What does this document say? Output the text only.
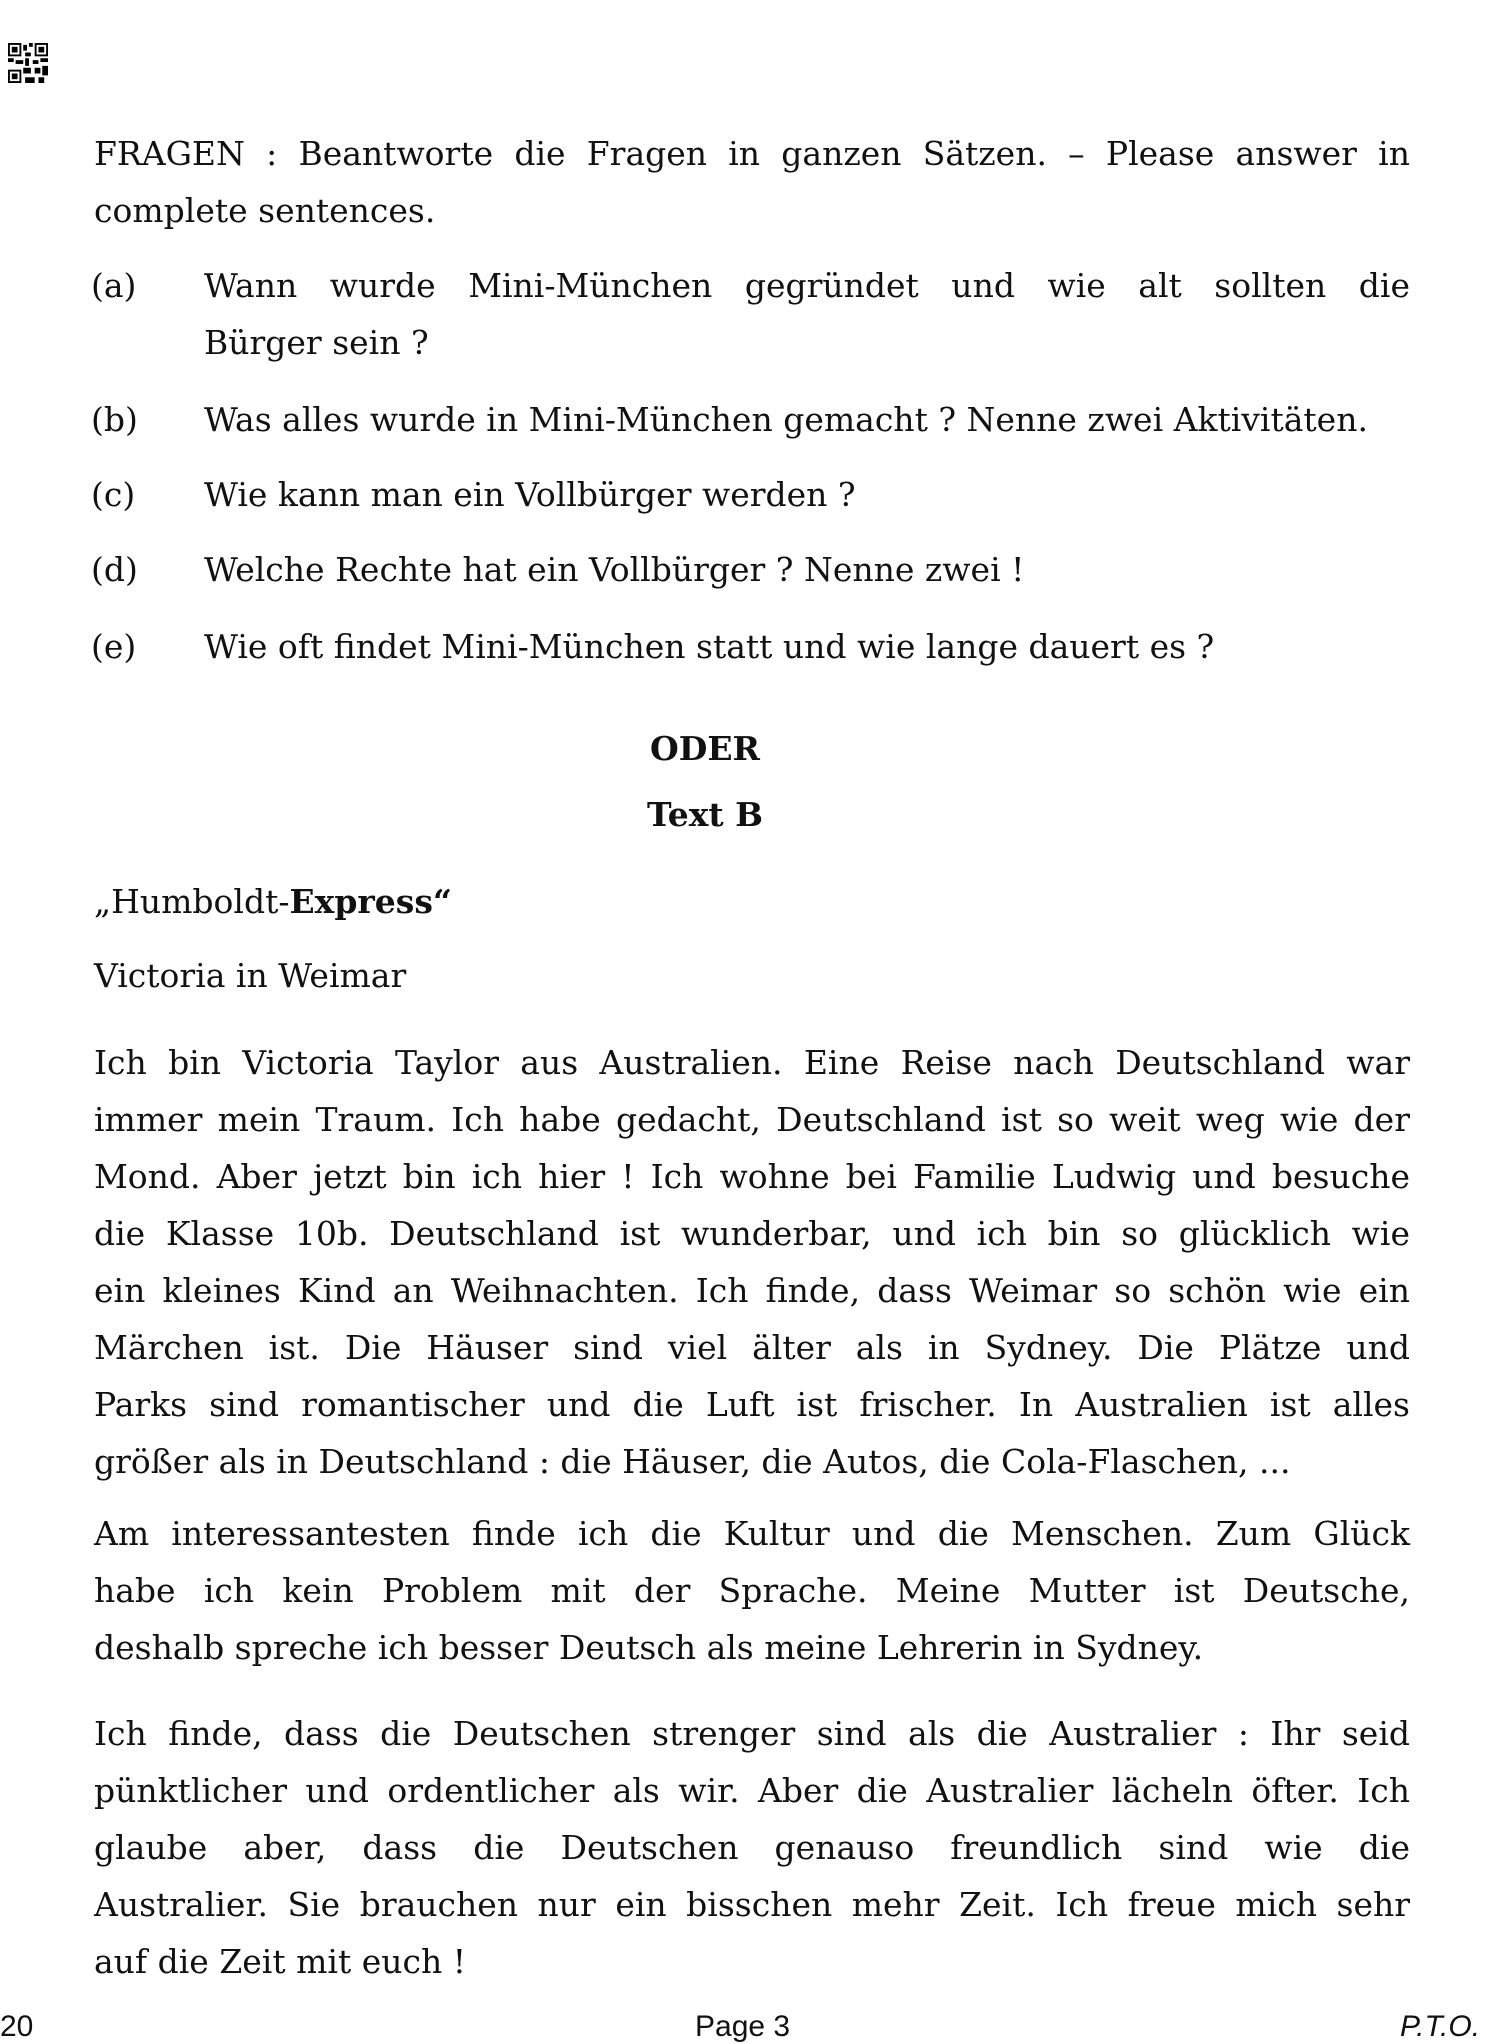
FRAGEN : Beantworte die Fragen in ganzen Sätzen. – Please answer in
complete sentences.
(a) Wann wurde Mini-München gegründet und wie alt sollten die
Bürger sein ?
(b) Was alles wurde in Mini-München gemacht ? Nenne zwei Aktivitäten.
(c) Wie kann man ein Vollbürger werden ?
(d) Welche Rechte hat ein Vollbürger ? Nenne zwei !
(e) Wie oft findet Mini-München statt und wie lange dauert es ?
ODER
Text B
„Humboldt-Express“
Victoria in Weimar
Ich bin Victoria Taylor aus Australien. Eine Reise nach Deutschland war
immer mein Traum. Ich habe gedacht, Deutschland ist so weit weg wie der
Mond. Aber jetzt bin ich hier ! Ich wohne bei Familie Ludwig und besuche
die Klasse 10b. Deutschland ist wunderbar, und ich bin so glücklich wie
ein kleines Kind an Weihnachten. Ich finde, dass Weimar so schön wie ein
Märchen ist. Die Häuser sind viel älter als in Sydney. Die Plätze und
Parks sind romantischer und die Luft ist frischer. In Australien ist alles
größer als in Deutschland : die Häuser, die Autos, die Cola-Flaschen, ...
Am interessantesten finde ich die Kultur und die Menschen. Zum Glück
habe ich kein Problem mit der Sprache. Meine Mutter ist Deutsche,
deshalb spreche ich besser Deutsch als meine Lehrerin in Sydney.
Ich finde, dass die Deutschen strenger sind als die Australier : Ihr seid
pünktlicher und ordentlicher als wir. Aber die Australier lächeln öfter. Ich
glaube aber, dass die Deutschen genauso freundlich sind wie die
Australier. Sie brauchen nur ein bisschen mehr Zeit. Ich freue mich sehr
auf die Zeit mit euch !
20	Page 3	P.T.O.
